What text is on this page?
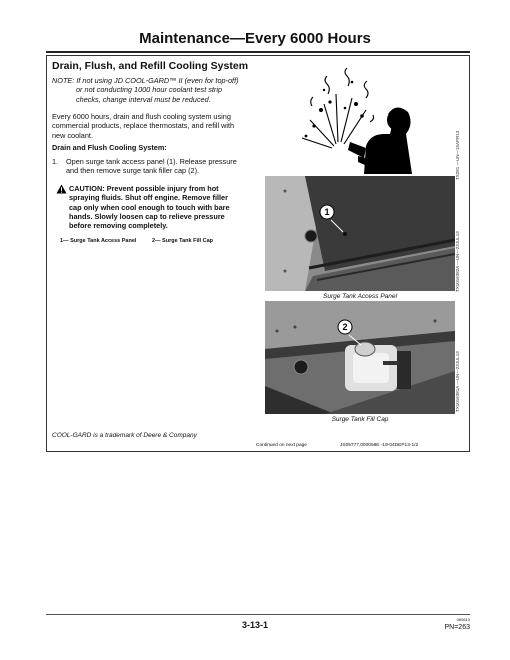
Maintenance—Every 6000 Hours
Drain, Flush, and Refill Cooling System
NOTE: If not using JD COOL-GARD™ II (even for top-off)

or not conducting 1000 hour coolant test strip
checks, change interval must be reduced.
Every 6000 hours, drain and flush cooling system using
commercial products, replace thermostats, and refill with
new coolant.
Drain and Flush Cooling System:
1.	Open surge tank access panel (1). Release pressure
and then remove surge tank filler cap (2).
CAUTION: Prevent possible injury from hot
spraying fluids. Shut off engine. Remove filler
cap only when cool enough to touch with bare
hands. Slowly loosen cap to relieve pressure
before removing completely.
1— Surge Tank Access Panel	2— Surge Tank Fill Cap
TS281 —UN—15APR13
1
TX1016382A —UN—23JUL13
Surge Tank Access Panel
2
TX1016381A —UN—23JUL13
Surge Tank Fill Cap
COOL-GARD is a trademark of Deere & Company
Continued on next page	JS05777,000058E -19-04DEP13-1/2
3-13-1
060613
PN=263
